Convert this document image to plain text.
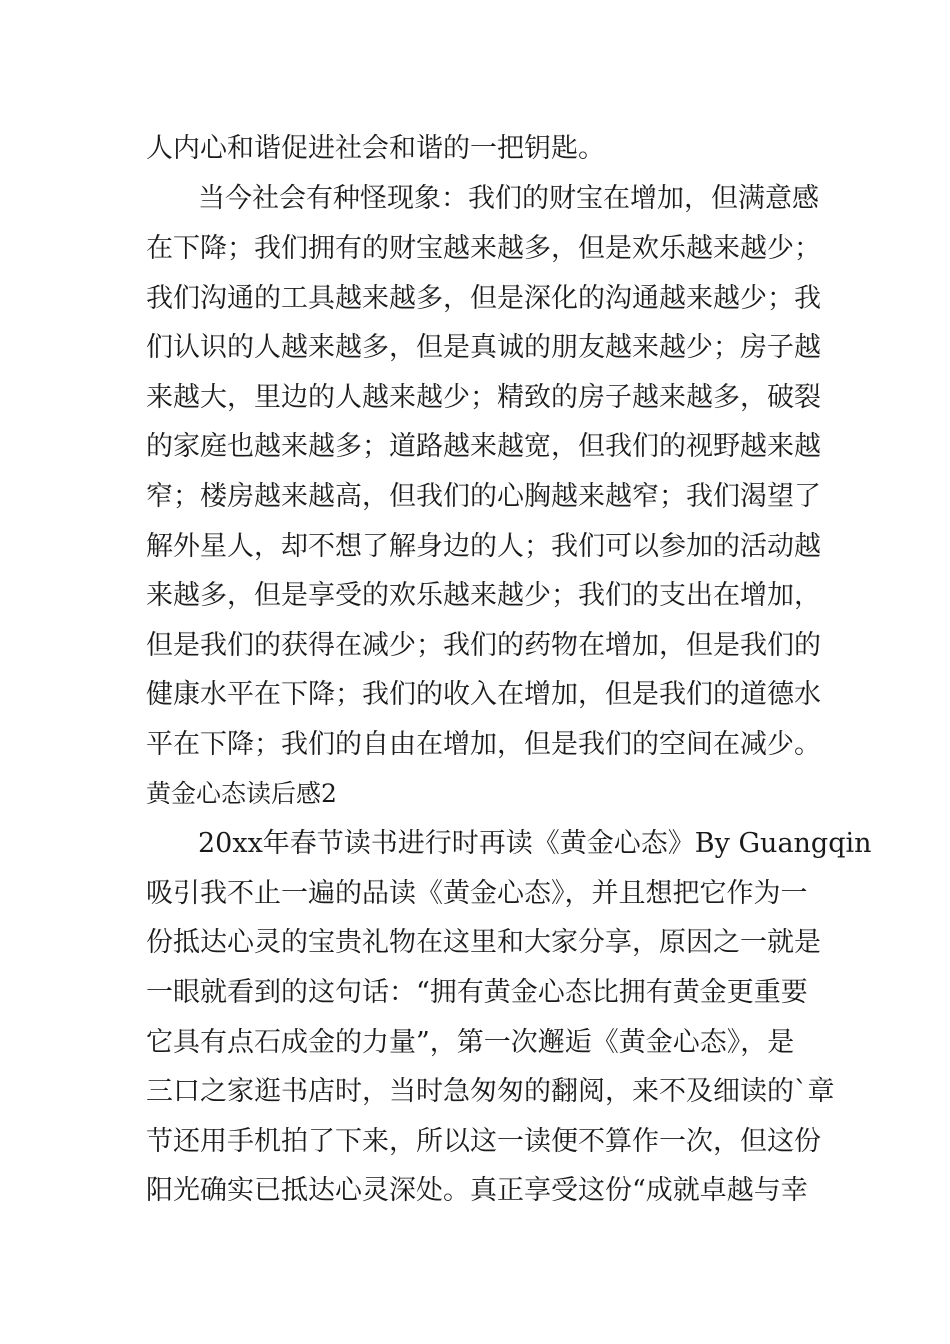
人内心和谐促进社会和谐的一把钥匙。
当今社会有种怪现象：我们的财宝在增加，但满意感
在下降；我们拥有的财宝越来越多，但是欢乐越来越少；
我们沟通的工具越来越多，但是深化的沟通越来越少；我
们认识的人越来越多，但是真诚的朋友越来越少；房子越
来越大，里边的人越来越少；精致的房子越来越多，破裂
的家庭也越来越多；道路越来越宽，但我们的视野越来越
窄；楼房越来越高，但我们的心胸越来越窄；我们渴望了
解外星人，却不想了解身边的人；我们可以参加的活动越
来越多，但是享受的欢乐越来越少；我们的支出在增加，
但是我们的获得在减少；我们的药物在增加，但是我们的
健康水平在下降；我们的收入在增加，但是我们的道德水
平在下降；我们的自由在增加，但是我们的空间在减少。
黄金心态读后感2
20xx年春节读书进行时再读《黄金心态》By Guangqin
吸引我不止一遍的品读《黄金心态》，并且想把它作为一
份抵达心灵的宝贵礼物在这里和大家分享，原因之一就是
一眼就看到的这句话：“拥有黄金心态比拥有黄金更重要
它具有点石成金的力量”，第一次邂逅《黄金心态》，是
三口之家逛书店时，当时急匆匆的翻阅，来不及细读的`章
节还用手机拍了下来，所以这一读便不算作一次，但这份
阳光确实已抵达心灵深处。真正享受这份“成就卓越与幸
